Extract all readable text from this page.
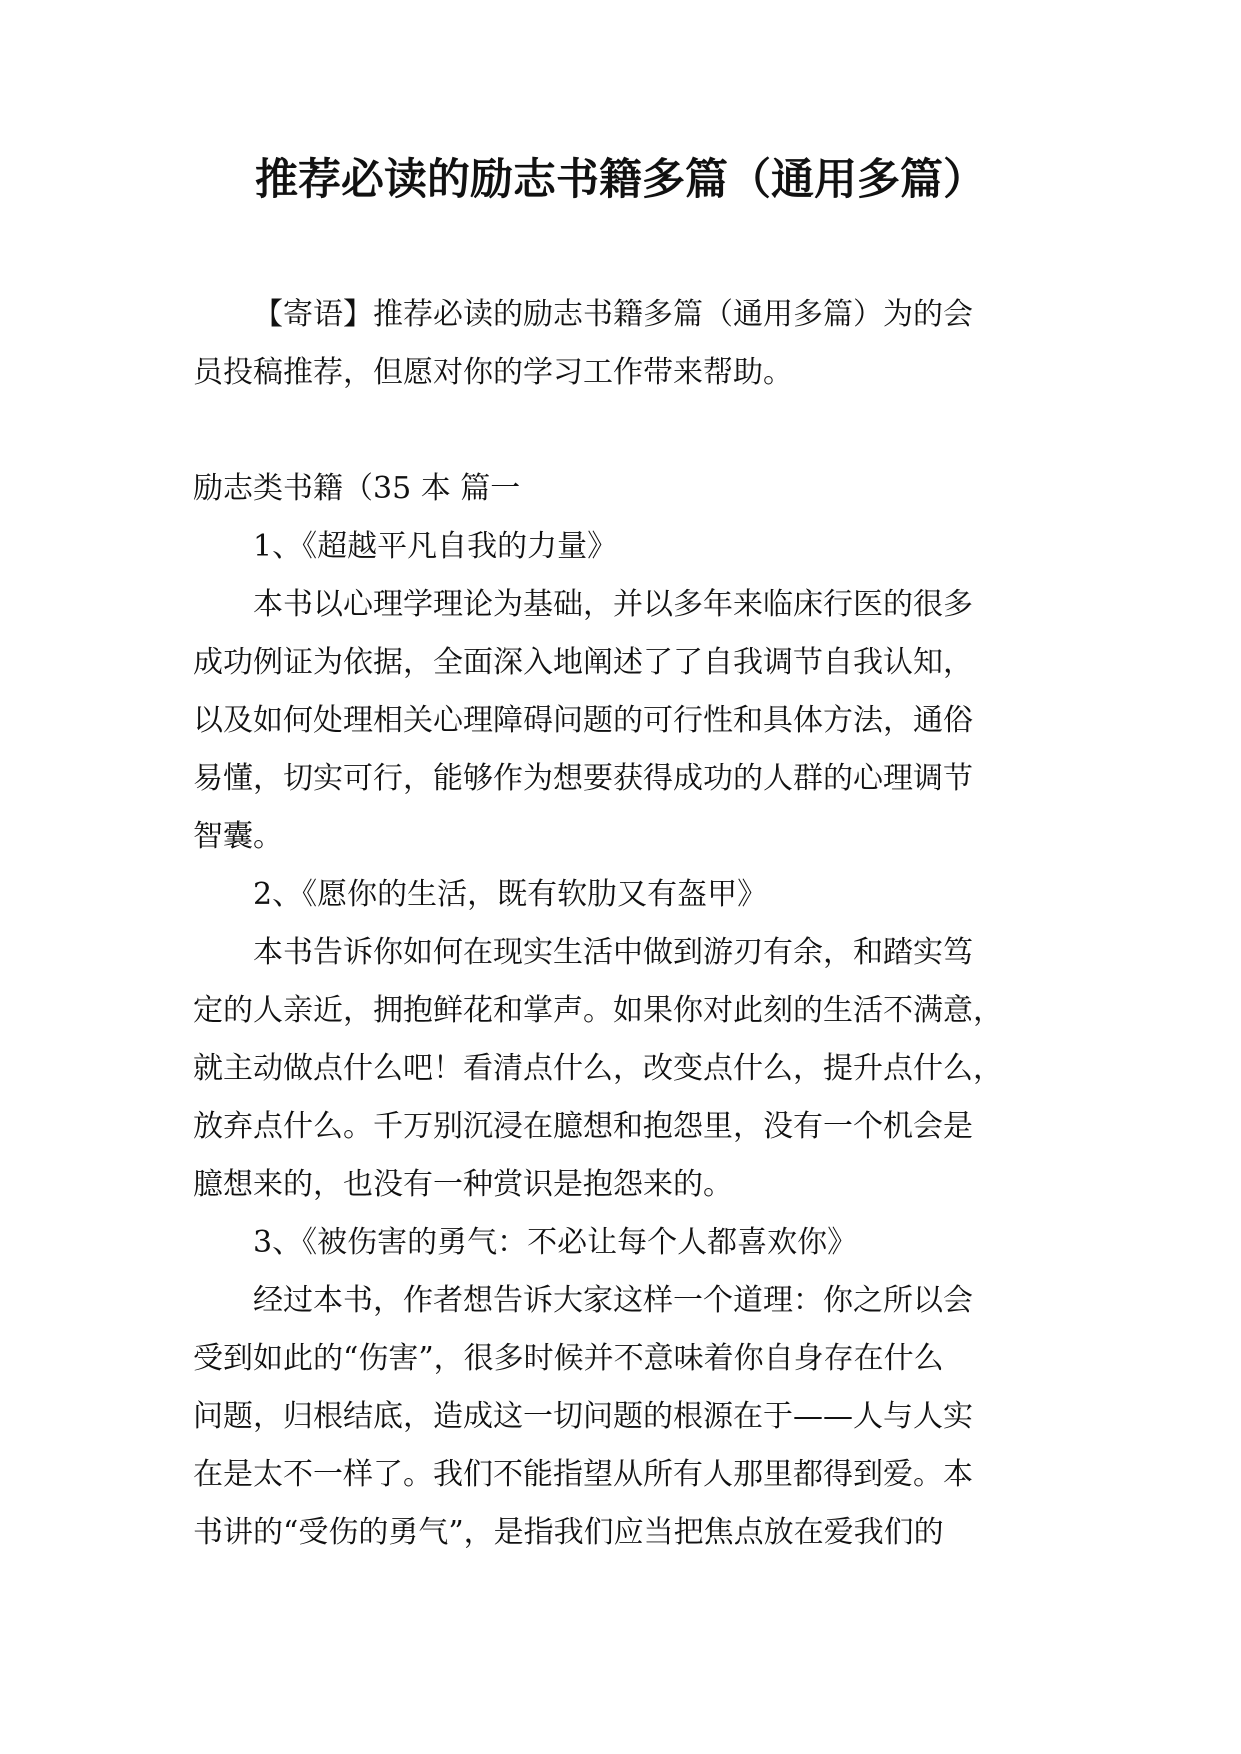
推荐必读的励志书籍多篇（通用多篇）
【寄语】推荐必读的励志书籍多篇（通用多篇）为的会
员投稿推荐，但愿对你的学习工作带来帮助。
励志类书籍（35 本 篇一
1、《超越平凡自我的力量》
本书以心理学理论为基础，并以多年来临床行医的很多
成功例证为依据，全面深入地阐述了了自我调节自我认知，
以及如何处理相关心理障碍问题的可行性和具体方法，通俗
易懂，切实可行，能够作为想要获得成功的人群的心理调节
智囊。
2、《愿你的生活，既有软肋又有盔甲》
本书告诉你如何在现实生活中做到游刃有余，和踏实笃
定的人亲近，拥抱鲜花和掌声。如果你对此刻的生活不满意，
就主动做点什么吧！看清点什么，改变点什么，提升点什么，
放弃点什么。千万别沉浸在臆想和抱怨里，没有一个机会是
臆想来的，也没有一种赏识是抱怨来的。
3、《被伤害的勇气：不必让每个人都喜欢你》
经过本书，作者想告诉大家这样一个道理：你之所以会
受到如此的“伤害”，很多时候并不意味着你自身存在什么
问题，归根结底，造成这一切问题的根源在于——人与人实
在是太不一样了。我们不能指望从所有人那里都得到爱。本
书讲的“受伤的勇气”，是指我们应当把焦点放在爱我们的
